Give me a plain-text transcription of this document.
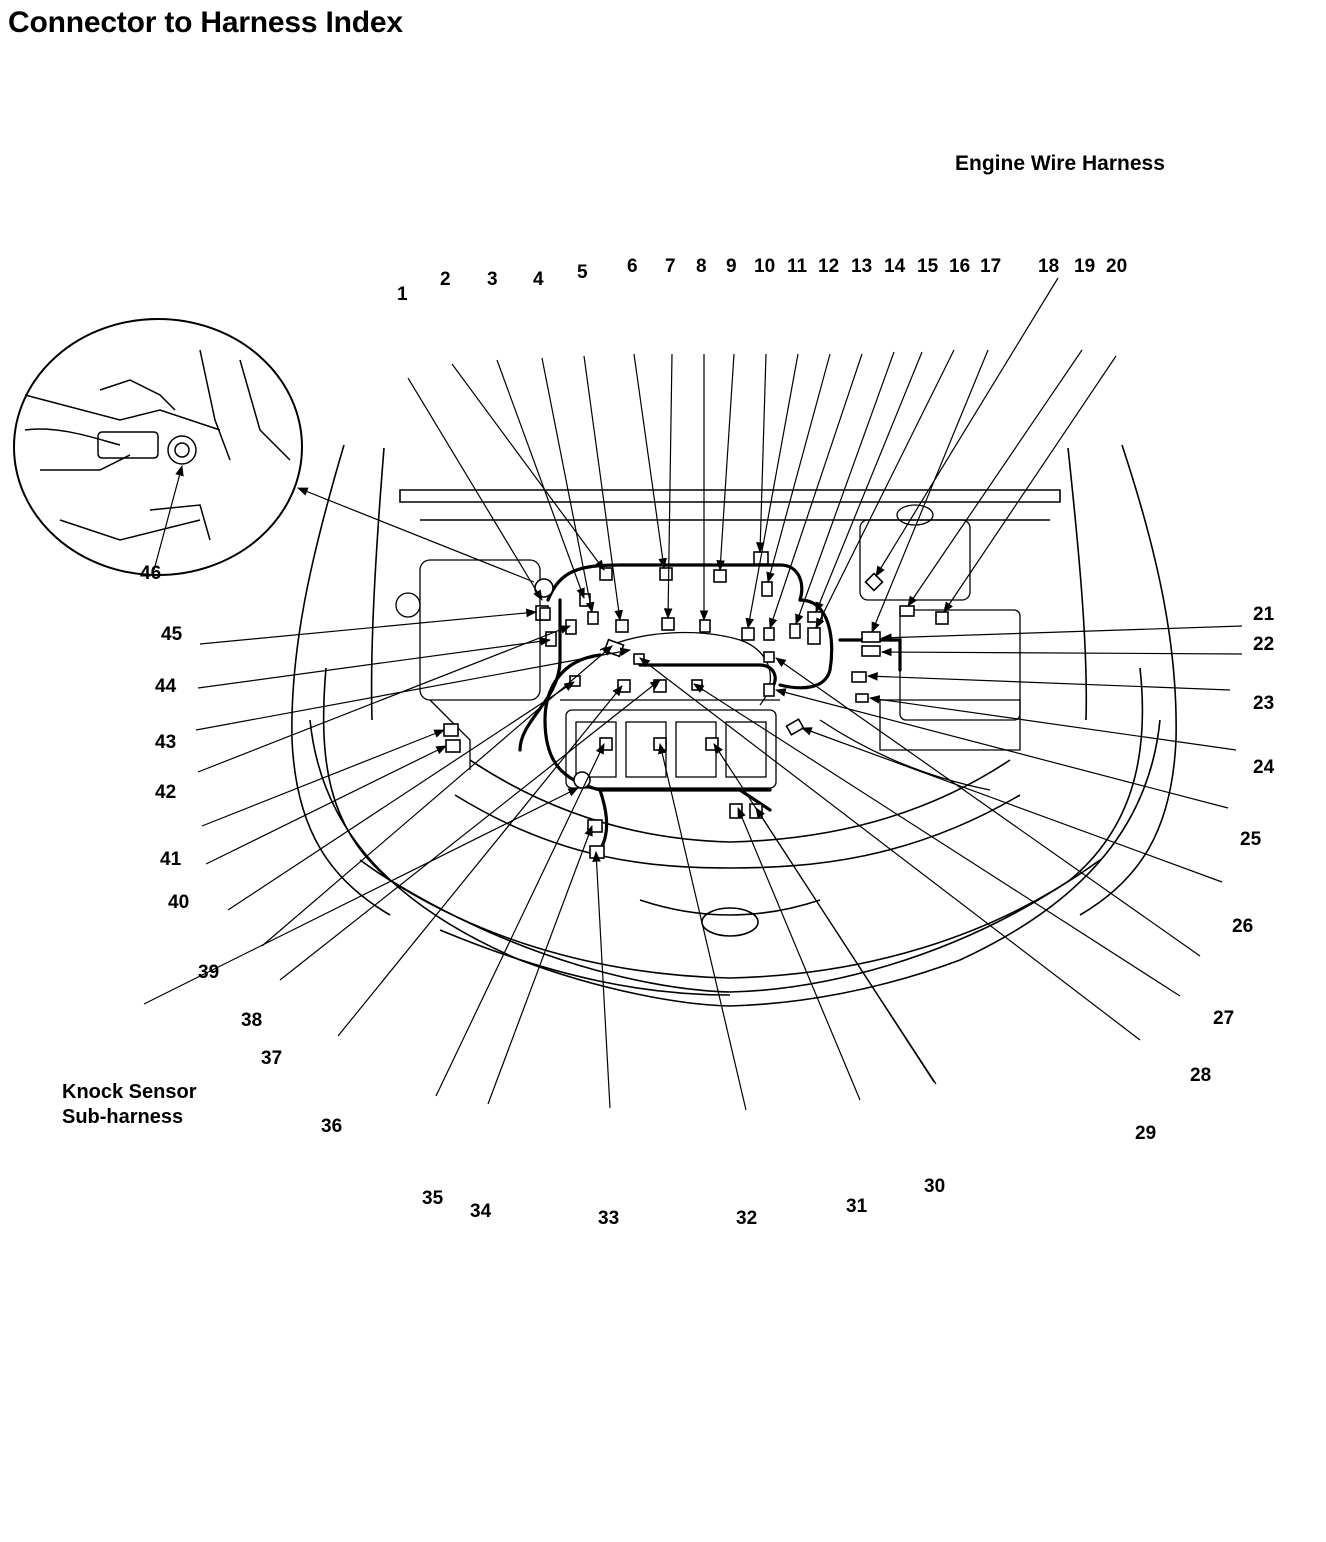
Connector to Harness Index
Engine Wire Harness
Knock Sensor
Sub-harness
1
2 3 4 5 6 7 8 9 10 11 12 13 14 15 16 17 18 19 20
21
22
23
24
25
26
27
28
29
30
31
32
33
34
35
36
37
38
39
40
41
42
43
44
45
46
